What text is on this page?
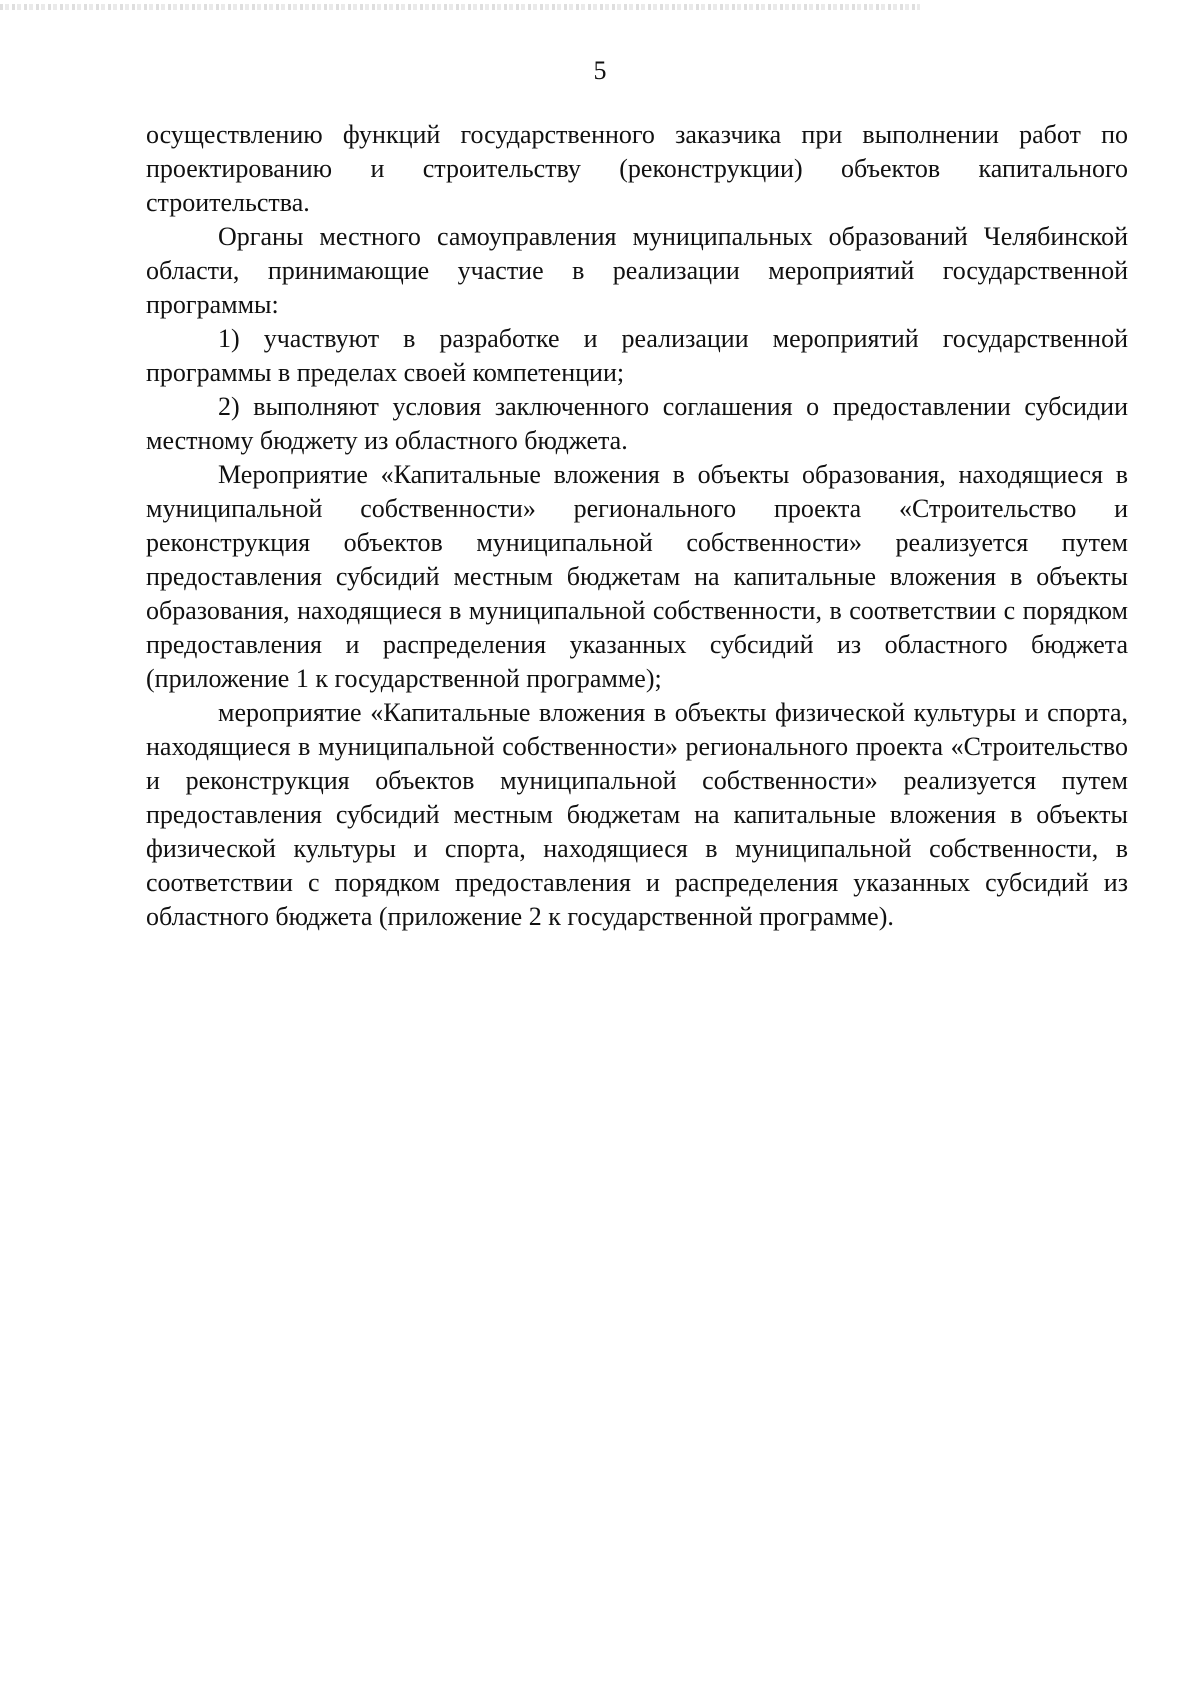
5

осуществлению функций государственного заказчика при выполнении работ по проектированию и строительству (реконструкции) объектов капитального строительства.

Органы местного самоуправления муниципальных образований Челябинской области, принимающие участие в реализации мероприятий государственной программы:

1) участвуют в разработке и реализации мероприятий государственной программы в пределах своей компетенции;

2) выполняют условия заключенного соглашения о предоставлении субсидии местному бюджету из областного бюджета.

Мероприятие «Капитальные вложения в объекты образования, находящиеся в муниципальной собственности» регионального проекта «Строительство и реконструкция объектов муниципальной собственности» реализуется путем предоставления субсидий местным бюджетам на капитальные вложения в объекты образования, находящиеся в муниципальной собственности, в соответствии с порядком предоставления и распределения указанных субсидий из областного бюджета (приложение 1 к государственной программе);

мероприятие «Капитальные вложения в объекты физической культуры и спорта, находящиеся в муниципальной собственности» регионального проекта «Строительство и реконструкция объектов муниципальной собственности» реализуется путем предоставления субсидий местным бюджетам на капитальные вложения в объекты физической культуры и спорта, находящиеся в муниципальной собственности, в соответствии с порядком предоставления и распределения указанных субсидий из областного бюджета (приложение 2 к государственной программе).
